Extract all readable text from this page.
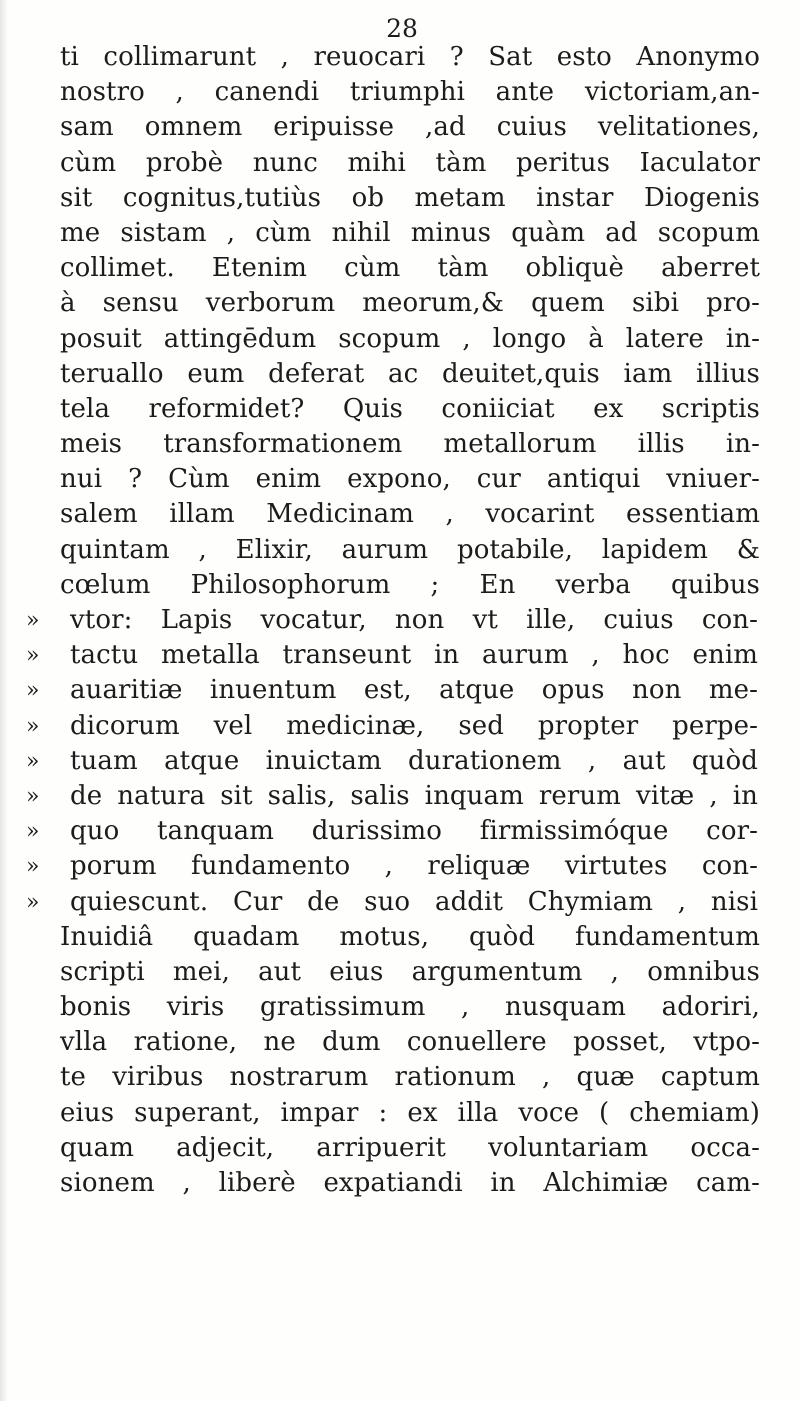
28
ti collimarunt , reuocari ? Sat esto Anonymo
nostro , canendi triumphi ante victoriam,an-
sam omnem eripuisse ,ad cuius velitationes,
cùm probè nunc mihi tàm peritus Iaculator
sit cognitus,tutiùs ob metam instar Diogenis
me sistam , cùm nihil minus quàm ad scopum
collimet. Etenim cùm tàm obliquè aberret
à sensu verborum meorum,& quem sibi pro-
posuit attingēdum scopum , longo à latere in-
teruallo eum deferat ac deuitet,quis iam illius
tela reformidet? Quis coniiciat ex scriptis
meis transformationem metallorum illis in-
nui ? Cùm enim expono, cur antiqui vniuer-
salem illam Medicinam , vocarint essentiam
quintam , Elixir, aurum potabile, lapidem &
cœlum Philosophorum ; En verba quibus
»	vtor: Lapis vocatur, non vt ille, cuius con-
»	tactu metalla transeunt in aurum , hoc enim
»	auaritiæ inuentum est, atque opus non me-
»	dicorum vel medicinæ, sed propter perpe-
»	tuam atque inuictam durationem , aut quòd
»	de natura sit salis, salis inquam rerum vitæ , in
»	quo tanquam durissimo firmissimóque cor-
»	porum fundamento , reliquæ virtutes con-
»	quiescunt. Cur de suo addit Chymiam , nisi
Inuidiâ quadam motus, quòd fundamentum
scripti mei, aut eius argumentum , omnibus
bonis viris gratissimum , nusquam adoriri,
vlla ratione, ne dum conuellere posset, vtpo-
te viribus nostrarum rationum , quæ captum
eius superant, impar : ex illa voce ( chemiam)
quam adjecit, arripuerit voluntariam occa-
sionem , liberè expatiandi in Alchimiæ cam-
